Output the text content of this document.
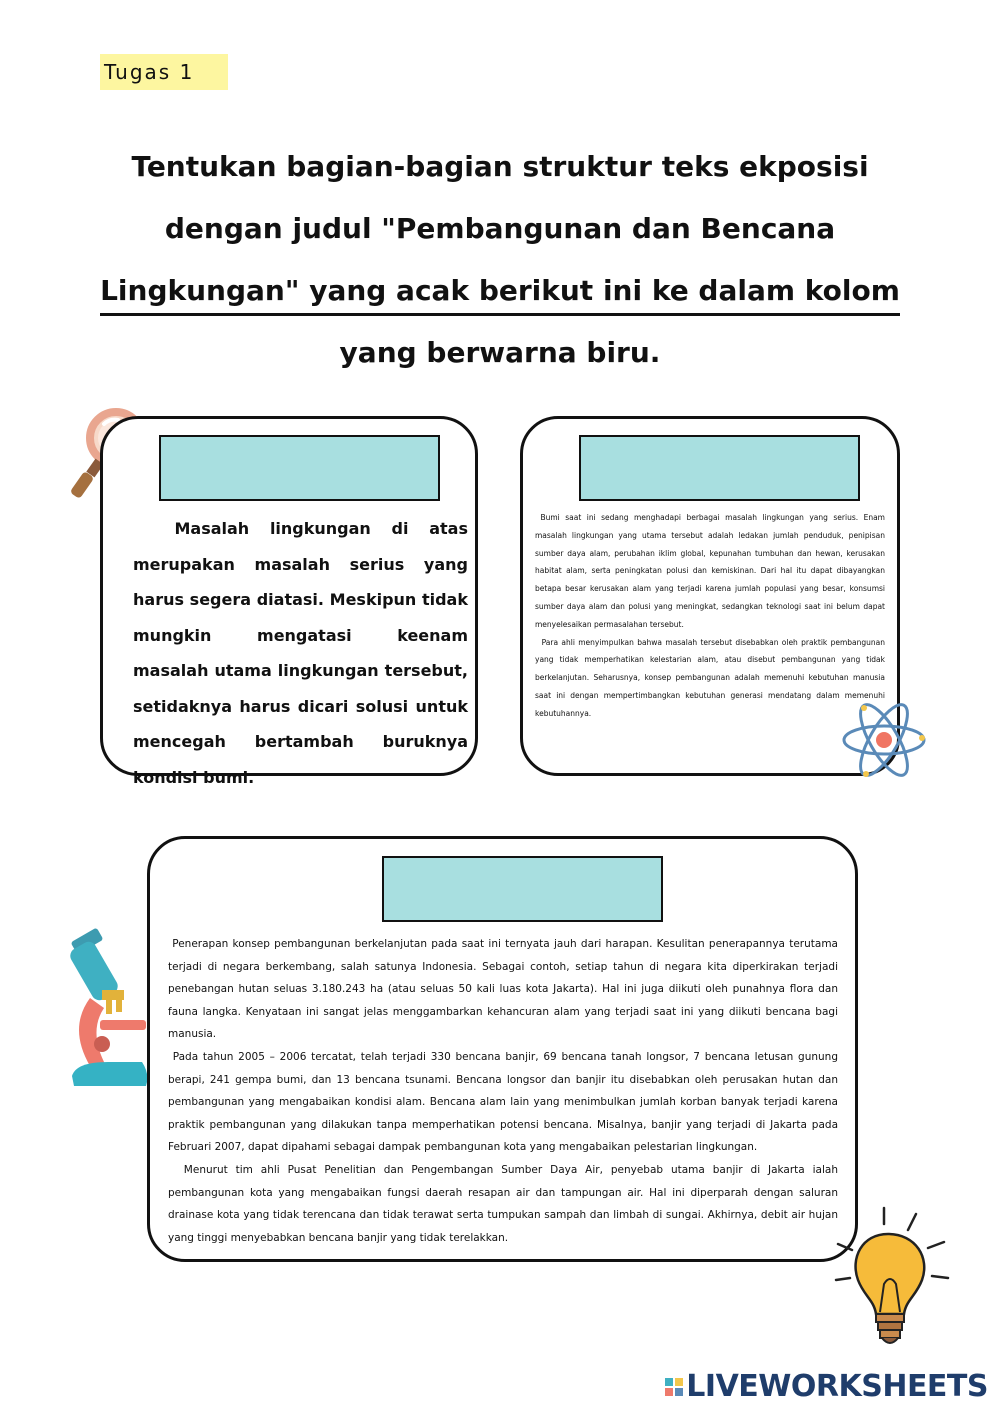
Tugas 1
Tentukan bagian-bagian struktur teks ekposisi dengan judul "Pembangunan dan Bencana Lingkungan" yang acak berikut ini ke dalam kolom yang berwarna biru.

Masalah lingkungan di atas merupakan masalah serius yang harus segera diatasi. Meskipun tidak mungkin mengatasi keenam masalah utama lingkungan tersebut, setidaknya harus dicari solusi untuk mencegah bertambah buruknya kondisi bumi.

Bumi saat ini sedang menghadapi berbagai masalah lingkungan yang serius. Enam masalah lingkungan yang utama tersebut adalah ledakan jumlah penduduk, penipisan sumber daya alam, perubahan iklim global, kepunahan tumbuhan dan hewan, kerusakan habitat alam, serta peningkatan polusi dan kemiskinan. Dari hal itu dapat dibayangkan betapa besar kerusakan alam yang terjadi karena jumlah populasi yang besar, konsumsi sumber daya alam dan polusi yang meningkat, sedangkan teknologi saat ini belum dapat menyelesaikan permasalahan tersebut.

Para ahli menyimpulkan bahwa masalah tersebut disebabkan oleh praktik pembangunan yang tidak memperhatikan kelestarian alam, atau disebut pembangunan yang tidak berkelanjutan. Seharusnya, konsep pembangunan adalah memenuhi kebutuhan manusia saat ini dengan mempertimbangkan kebutuhan generasi mendatang dalam memenuhi kebutuhannya.

Penerapan konsep pembangunan berkelanjutan pada saat ini ternyata jauh dari harapan. Kesulitan penerapannya terutama terjadi di negara berkembang, salah satunya Indonesia. Sebagai contoh, setiap tahun di negara kita diperkirakan terjadi penebangan hutan seluas 3.180.243 ha (atau seluas 50 kali luas kota Jakarta). Hal ini juga diikuti oleh punahnya flora dan fauna langka. Kenyataan ini sangat jelas menggambarkan kehancuran alam yang terjadi saat ini yang diikuti bencana bagi manusia.

Pada tahun 2005 – 2006 tercatat, telah terjadi 330 bencana banjir, 69 bencana tanah longsor, 7 bencana letusan gunung berapi, 241 gempa bumi, dan 13 bencana tsunami. Bencana longsor dan banjir itu disebabkan oleh perusakan hutan dan pembangunan yang mengabaikan kondisi alam. Bencana alam lain yang menimbulkan jumlah korban banyak terjadi karena praktik pembangunan yang dilakukan tanpa memperhatikan potensi bencana. Misalnya, banjir yang terjadi di Jakarta pada Februari 2007, dapat dipahami sebagai dampak pembangunan kota yang mengabaikan pelestarian lingkungan.

Menurut tim ahli Pusat Penelitian dan Pengembangan Sumber Daya Air, penyebab utama banjir di Jakarta ialah pembangunan kota yang mengabaikan fungsi daerah resapan air dan tampungan air. Hal ini diperparah dengan saluran drainase kota yang tidak terencana dan tidak terawat serta tumpukan sampah dan limbah di sungai. Akhirnya, debit air hujan yang tinggi menyebabkan bencana banjir yang tidak terelakkan.

LIVEWORKSHEETS
